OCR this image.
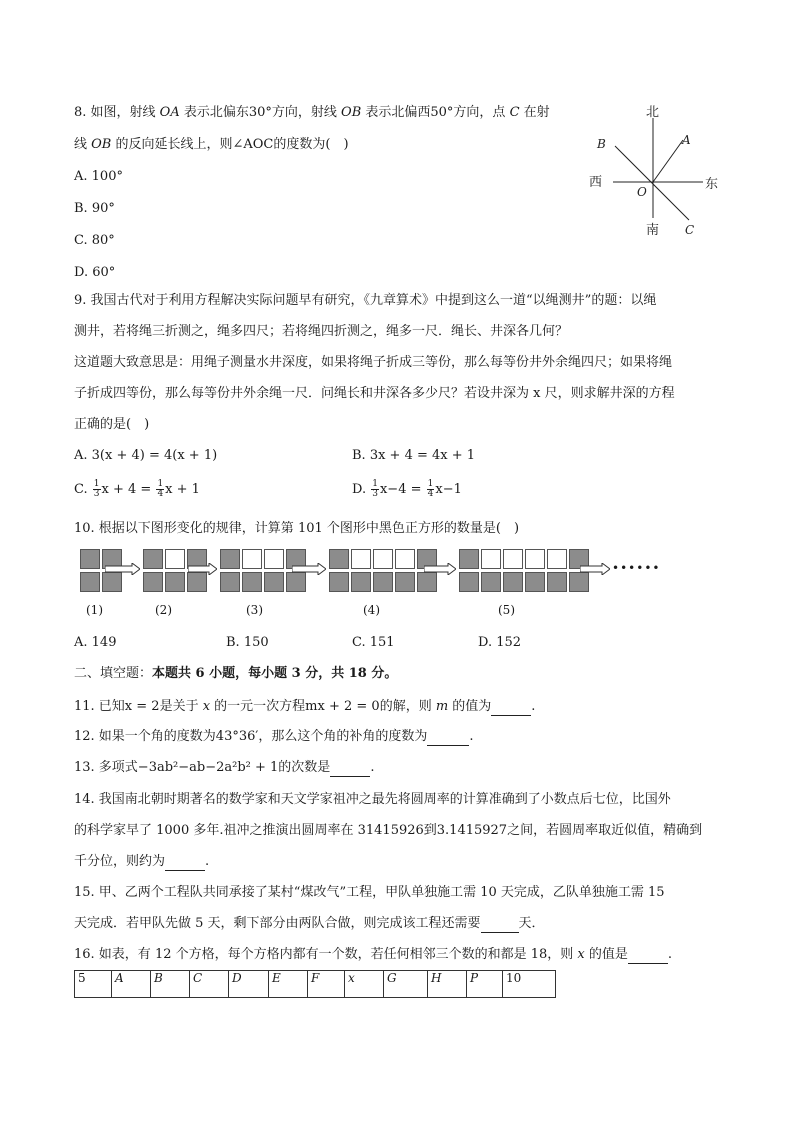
8. 如图，射线 OA 表示北偏东30°方向，射线 OB 表示北偏西50°方向，点 C 在射
线 OB 的反向延长线上，则∠AOC的度数为(　)
A. 100°
B. 90°
C. 80°
D. 60°
北
南
西	东
A
B
C
O
9. 我国古代对于利用方程解决实际问题早有研究，《九章算术》中提到这么一道“以绳测井”的题：以绳
测井，若将绳三折测之，绳多四尺；若将绳四折测之，绳多一尺．绳长、井深各几何？
这道题大致意思是：用绳子测量水井深度，如果将绳子折成三等份，那么每等份井外余绳四尺；如果将绳
子折成四等份，那么每等份井外余绳一尺．问绳长和井深各多少尺？若设井深为 x 尺，则求解井深的方程
正确的是(　)
A. 3(x + 4) = 4(x + 1)	B. 3x + 4 = 4x + 1
C. $\frac{1}{3}$ $x + 4 = \frac{1}{4}$ x + 1	D. $\frac{1}{3} x-4 = \frac{1}{4} x-1$
10. 根据以下图形变化的规律，计算第 101 个图形中黑色正方形的数量是(　)
••••••
(1)	(2)	(3)	(4)	(5)
A. 149	B. 150	C. 151	D. 152
二、填空题：本题共 6 小题，每小题 3 分，共 18 分。
11. 已知x = 2是关于 x 的一元一次方程mx + 2 = 0的解，则 m 的值为	.
12. 如果一个角的度数为43°36′，那么这个角的补角的度数为	.
13. 多项式−3ab²−ab−2a²b² + 1的次数是	.
14. 我国南北朝时期著名的数学家和天文学家祖冲之最先将圆周率的计算准确到了小数点后七位，比国外
的科学家早了 1000 多年.祖冲之推演出圆周率在 31415926到3.1415927之间，若圆周率取近似值，精确到
千分位，则约为	.
15. 甲、乙两个工程队共同承接了某村“煤改气”工程，甲队单独施工需 10 天完成，乙队单独施工需 15
天完成．若甲队先做 5 天，剩下部分由两队合做，则完成该工程还需要	天．
16. 如表，有 12 个方格，每个方格内都有一个数，若任何相邻三个数的和都是 18，则 x 的值是	.
5	A	B	C	D	E	F	x	G	H	P	10
